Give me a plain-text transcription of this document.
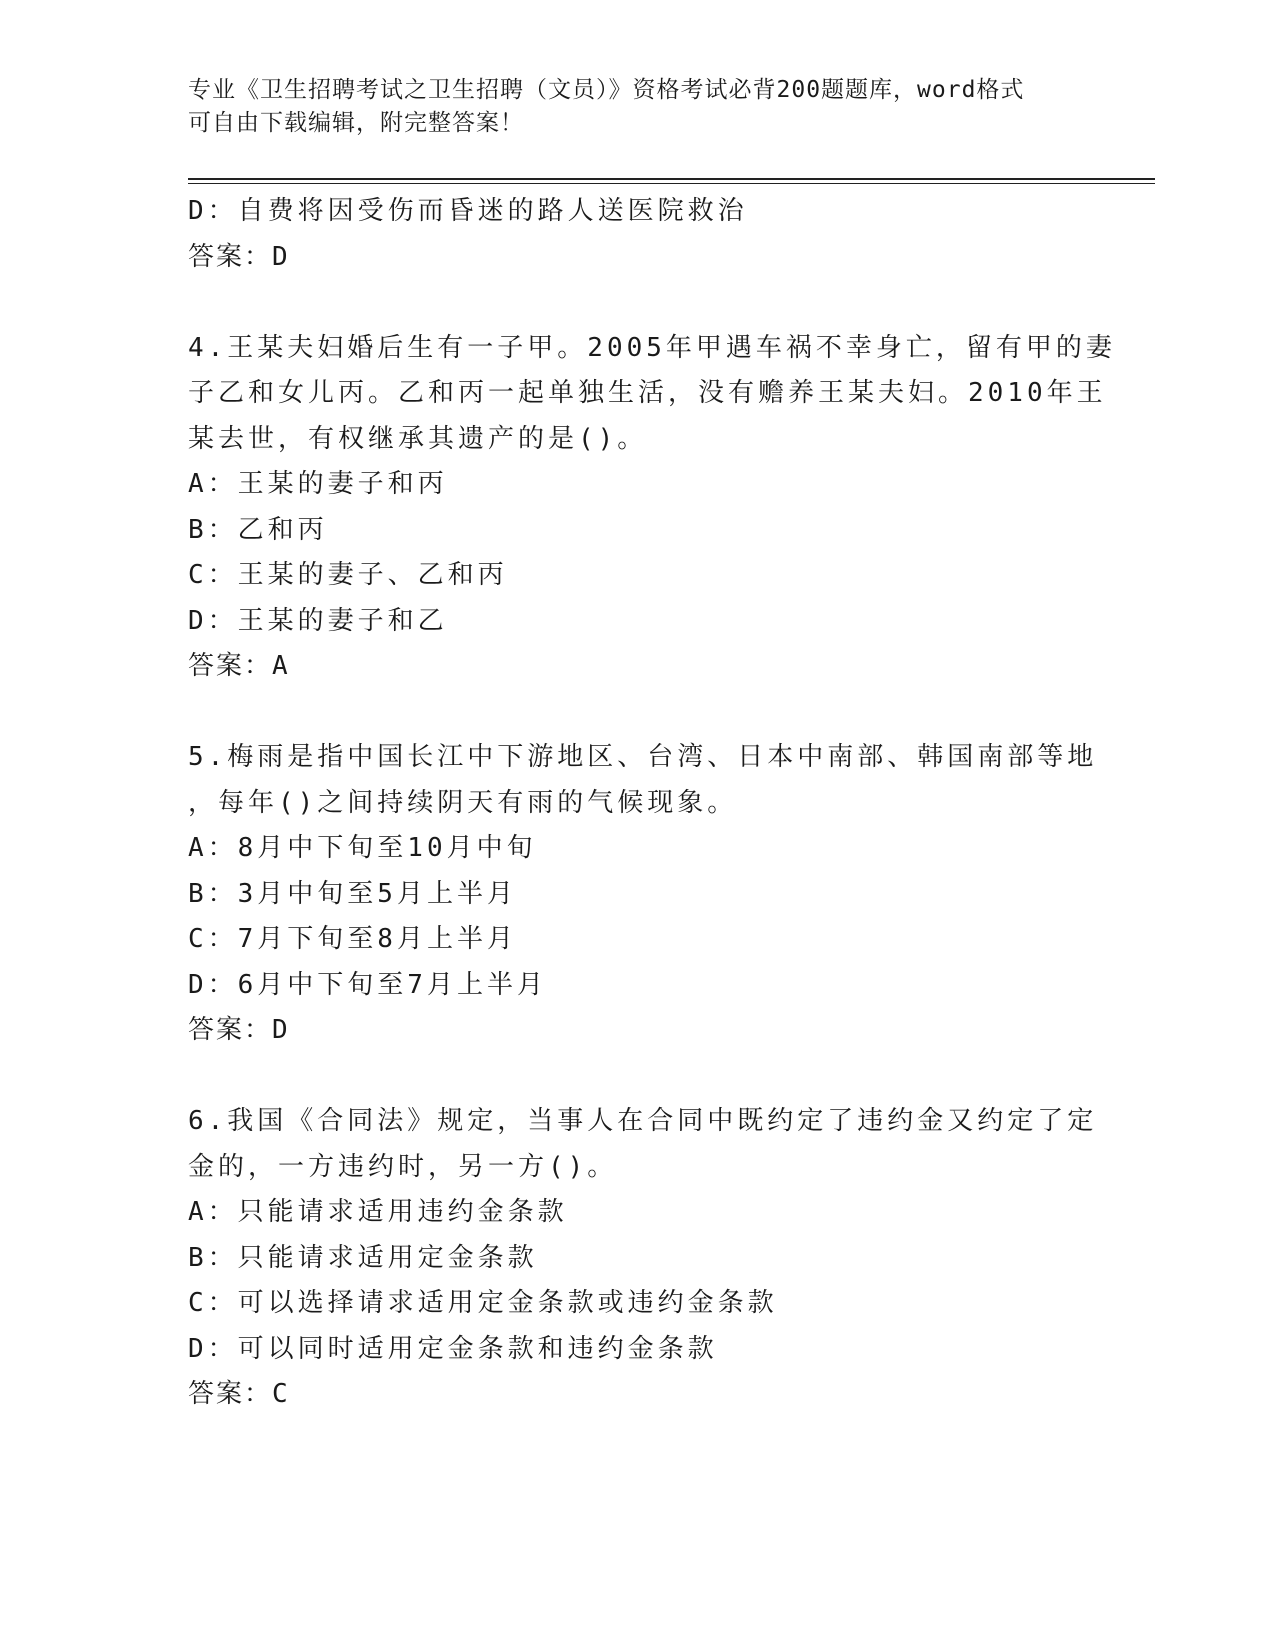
专业《卫生招聘考试之卫生招聘（文员）》资格考试必背200题题库，word格式
可自由下载编辑，附完整答案！
D：自费将因受伤而昏迷的路人送医院救治
答案：D
4.王某夫妇婚后生有一子甲。2005年甲遇车祸不幸身亡，留有甲的妻
子乙和女儿丙。乙和丙一起单独生活，没有赡养王某夫妇。2010年王
某去世，有权继承其遗产的是()。
A：王某的妻子和丙
B：乙和丙
C：王某的妻子、乙和丙
D：王某的妻子和乙
答案：A
5.梅雨是指中国长江中下游地区、台湾、日本中南部、韩国南部等地
，每年()之间持续阴天有雨的气候现象。
A：8月中下旬至10月中旬
B：3月中旬至5月上半月
C：7月下旬至8月上半月
D：6月中下旬至7月上半月
答案：D
6.我国《合同法》规定，当事人在合同中既约定了违约金又约定了定
金的，一方违约时，另一方()。
A：只能请求适用违约金条款
B：只能请求适用定金条款
C：可以选择请求适用定金条款或违约金条款
D：可以同时适用定金条款和违约金条款
答案：C
